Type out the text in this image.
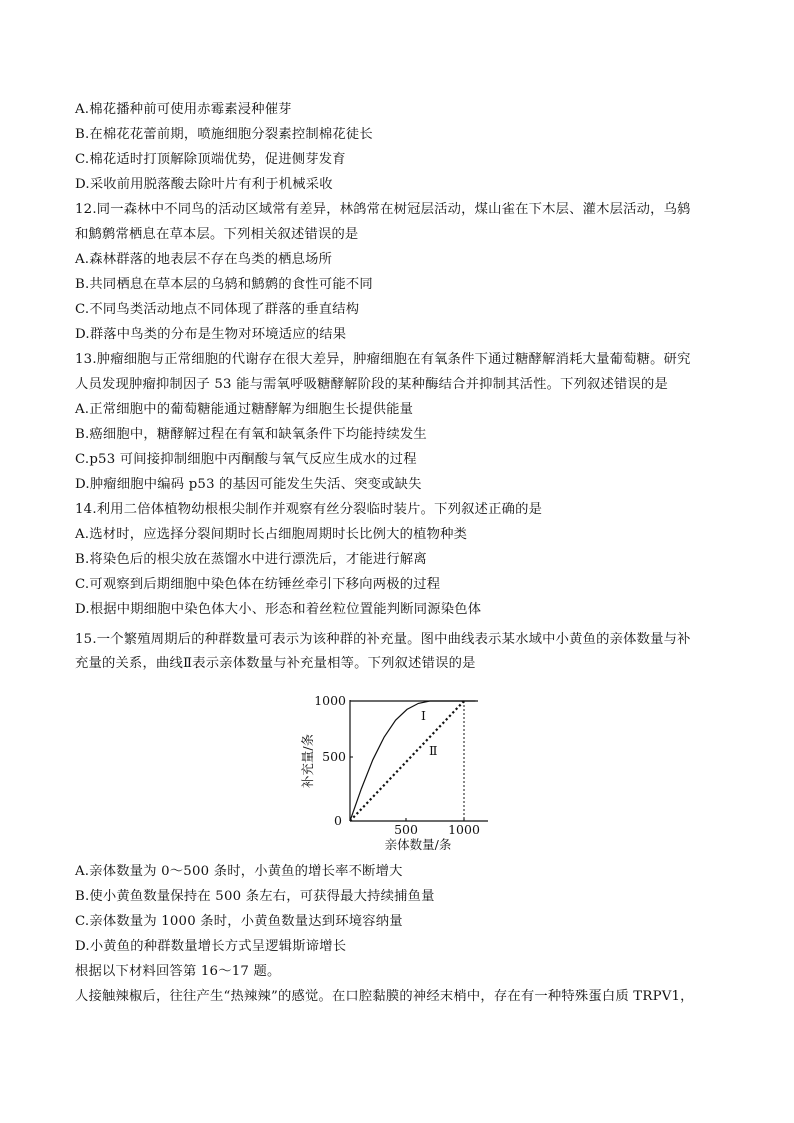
A.棉花播种前可使用赤霉素浸种催芽
B.在棉花花蕾前期，喷施细胞分裂素控制棉花徒长
C.棉花适时打顶解除顶端优势，促进侧芽发育
D.采收前用脱落酸去除叶片有利于机械采收
12.同一森林中不同鸟的活动区域常有差异，林鸽常在树冠层活动，煤山雀在下木层、灌木层活动，乌鸫
和鹪鹩常栖息在草本层。下列相关叙述错误的是
A.森林群落的地表层不存在鸟类的栖息场所
B.共同栖息在草本层的乌鸫和鹪鹩的食性可能不同
C.不同鸟类活动地点不同体现了群落的垂直结构
D.群落中鸟类的分布是生物对环境适应的结果
13.肿瘤细胞与正常细胞的代谢存在很大差异，肿瘤细胞在有氧条件下通过糖酵解消耗大量葡萄糖。研究
人员发现肿瘤抑制因子 53 能与需氧呼吸糖酵解阶段的某种酶结合并抑制其活性。下列叙述错误的是
A.正常细胞中的葡萄糖能通过糖酵解为细胞生长提供能量
B.癌细胞中，糖酵解过程在有氧和缺氧条件下均能持续发生
C.p53 可间接抑制细胞中丙酮酸与氧气反应生成水的过程
D.肿瘤细胞中编码 p53 的基因可能发生失活、突变或缺失
14.利用二倍体植物幼根根尖制作并观察有丝分裂临时装片。下列叙述正确的是
A.选材时，应选择分裂间期时长占细胞周期时长比例大的植物种类
B.将染色后的根尖放在蒸馏水中进行漂洗后，才能进行解离
C.可观察到后期细胞中染色体在纺锤丝牵引下移向两极的过程
D.根据中期细胞中染色体大小、形态和着丝粒位置能判断同源染色体
15.一个繁殖周期后的种群数量可表示为该种群的补充量。图中曲线表示某水域中小黄鱼的亲体数量与补
充量的关系，曲线Ⅱ表示亲体数量与补充量相等。下列叙述错误的是
1000
500
0
500 1000
亲体数量/条
补充量/条
Ⅰ
Ⅱ
A.亲体数量为 0～500 条时，小黄鱼的增长率不断增大
B.使小黄鱼数量保持在 500 条左右，可获得最大持续捕鱼量
C.亲体数量为 1000 条时，小黄鱼数量达到环境容纳量
D.小黄鱼的种群数量增长方式呈逻辑斯谛增长
根据以下材料回答第 16～17 题。
人接触辣椒后，往往产生“热辣辣”的感觉。在口腔黏膜的神经末梢中，存在有一种特殊蛋白质 TRPV1，
